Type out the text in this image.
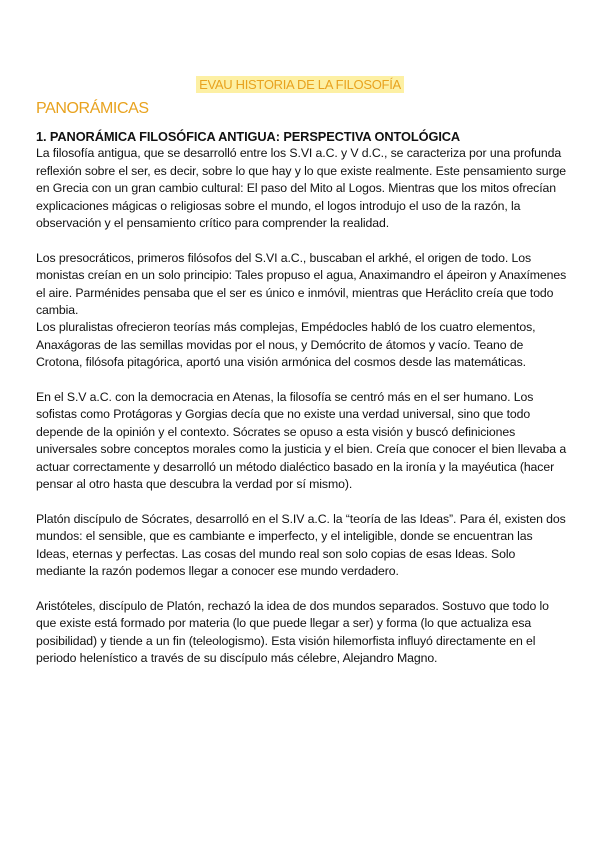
EVAU HISTORIA DE LA FILOSOFÍA
PANORÁMICAS

1. PANORÁMICA FILOSÓFICA ANTIGUA: PERSPECTIVA ONTOLÓGICA

La filosofía antigua, que se desarrolló entre los S.VI a.C. y V d.C., se caracteriza por una profunda reflexión sobre el ser, es decir, sobre lo que hay y lo que existe realmente. Este pensamiento surge en Grecia con un gran cambio cultural: El paso del Mito al Logos. Mientras que los mitos ofrecían explicaciones mágicas o religiosas sobre el mundo, el logos introdujo el uso de la razón, la observación y el pensamiento crítico para comprender la realidad.

Los presocráticos, primeros filósofos del S.VI a.C., buscaban el arkhé, el origen de todo. Los monistas creían en un solo principio: Tales propuso el agua, Anaximandro el ápeiron y Anaxímenes el aire. Parménides pensaba que el ser es único e inmóvil, mientras que Heráclito creía que todo cambia.

Los pluralistas ofrecieron teorías más complejas, Empédocles habló de los cuatro elementos, Anaxágoras de las semillas movidas por el nous, y Demócrito de átomos y vacío. Teano de Crotona, filósofa pitagórica, aportó una visión armónica del cosmos desde las matemáticas.

En el S.V a.C. con la democracia en Atenas, la filosofía se centró más en el ser humano. Los sofistas como Protágoras y Gorgias decía que no existe una verdad universal, sino que todo depende de la opinión y el contexto. Sócrates se opuso a esta visión y buscó definiciones universales sobre conceptos morales como la justicia y el bien. Creía que conocer el bien llevaba a actuar correctamente y desarrolló un método dialéctico basado en la ironía y la mayéutica (hacer pensar al otro hasta que descubra la verdad por sí mismo).

Platón discípulo de Sócrates, desarrolló en el S.IV a.C. la “teoría de las Ideas”. Para él, existen dos mundos: el sensible, que es cambiante e imperfecto, y el inteligible, donde se encuentran las Ideas, eternas y perfectas. Las cosas del mundo real son solo copias de esas Ideas. Solo mediante la razón podemos llegar a conocer ese mundo verdadero.

Aristóteles, discípulo de Platón, rechazó la idea de dos mundos separados. Sostuvo que todo lo que existe está formado por materia (lo que puede llegar a ser) y forma (lo que actualiza esa posibilidad) y tiende a un fin (teleologismo). Esta visión hilemorfista influyó directamente en el periodo helenístico a través de su discípulo más célebre, Alejandro Magno.
